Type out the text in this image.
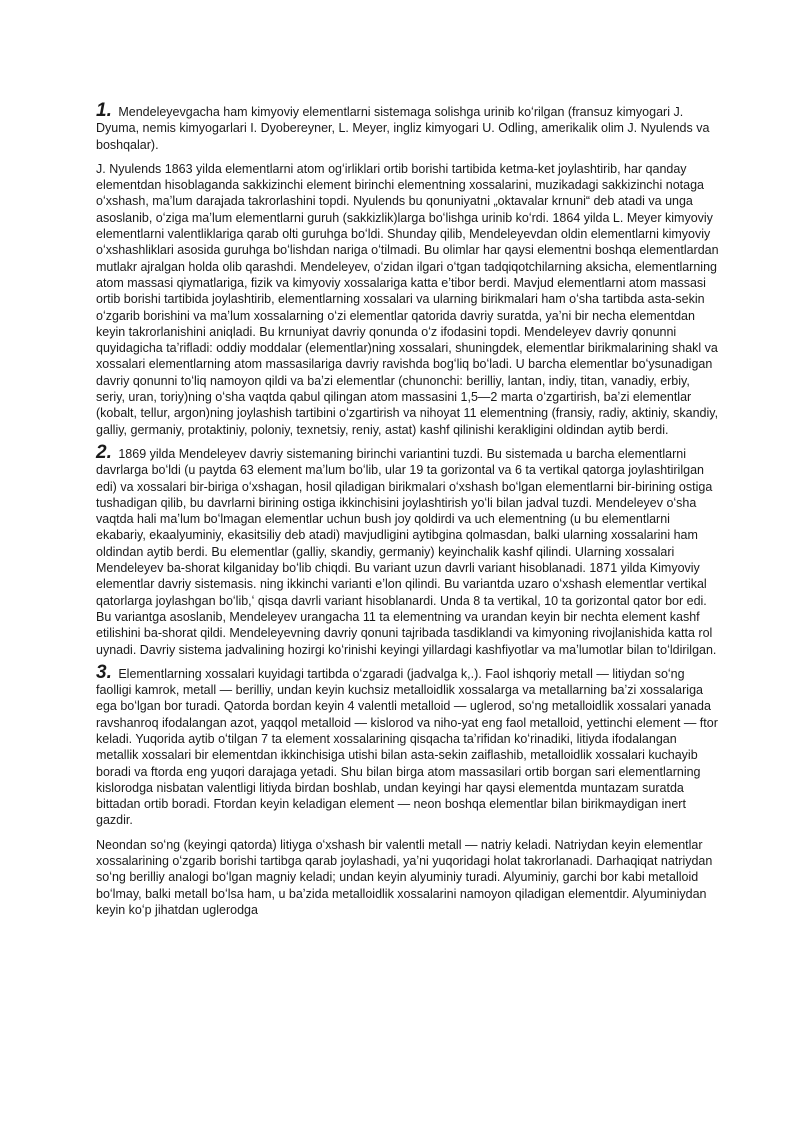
1. Mendeleyevgacha ham kimyoviy elementlarni sistemaga solishga urinib koʻrilgan (fransuz kimyogari J. Dyuma, nemis kimyogarlari I. Dyobereyner, L. Meyer, ingliz kimyogari U. Odling, amerikalik olim J. Nyulends va boshqalar).

J. Nyulends 1863 yilda elementlarni atom ogʻirliklari ortib borishi tartibida ketma-ket joylashtirib, har qanday elementdan hisoblaganda sakkizinchi element birinchi elementning xossalarini, muzikadagi sakkizinchi notaga oʻxshash, maʼlum darajada takrorlashini topdi. Nyulends bu qonuniyatni „oktavalar krnuni“ deb atadi va unga asoslanib, oʻziga maʼlum elementlarni guruh (sakkizlik)larga boʻlishga urinib koʻrdi. 1864 yilda L. Meyer kimyoviy elementlarni valentliklariga qarab olti guruhga boʻldi. Shunday qilib, Mendeleyevdan oldin elementlarni kimyoviy oʻxshashliklari asosida guruhga boʻlishdan nariga oʻtilmadi. Bu olimlar har qaysi elementni boshqa elementlardan mutlakr ajralgan holda olib qarashdi. Mendeleyev, oʻzidan ilgari oʻtgan tadqiqotchilarning aksicha, elementlarning atom massasi qiymatlariga, fizik va kimyoviy xossalariga katta eʼtibor berdi. Mavjud elementlarni atom massasi ortib borishi tartibida joylashtirib, elementlarning xossalari va ularning birikmalari ham oʻsha tartibda asta-sekin oʻzgarib borishini va maʼlum xossalarning oʻzi elementlar qatorida davriy suratda, yaʼni bir necha elementdan keyin takrorlanishini aniqladi. Bu krnuniyat davriy qonunda oʻz ifodasini topdi. Mendeleyev davriy qonunni quyidagicha taʼrifladi: oddiy moddalar (elementlar)ning xossalari, shuningdek, elementlar birikmalarining shakl va xossalari elementlarning atom massasilariga davriy ravishda bogʻliq boʻladi. U barcha elementlar boʻysunadigan davriy qonunni toʻliq namoyon qildi va baʼzi elementlar (chunonchi: berilliy, lantan, indiy, titan, vanadiy, erbiy, seriy, uran, toriy)ning oʻsha vaqtda qabul qilingan atom massasini 1,5—2 marta oʻzgartirish, baʼzi elementlar (kobalt, tellur, argon)ning joylashish tartibini oʻzgartirish va nihoyat 11 elementning (fransiy, radiy, aktiniy, skandiy, galliy, germaniy, protaktiniy, poloniy, texnetsiy, reniy, astat) kashf qilinishi kerakligini oldindan aytib berdi.

2. 1869 yilda Mendeleyev davriy sistemaning birinchi variantini tuzdi. Bu sistemada u barcha elementlarni davrlarga boʻldi (u paytda 63 element maʼlum boʻlib, ular 19 ta gorizontal va 6 ta vertikal qatorga joylashtirilgan edi) va xossalari bir-biriga oʻxshagan, hosil qiladigan birikmalari oʻxshash boʻlgan elementlarni bir-birining ostiga tushadigan qilib, bu davrlarni birining ostiga ikkinchisini joylashtirish yoʻli bilan jadval tuzdi. Mendeleyev oʻsha vaqtda hali maʼlum boʻlmagan elementlar uchun bush joy qoldirdi va uch elementning (u bu elementlarni ekabariy, ekaalyuminiy, ekasitsiliy deb atadi) mavjudligini aytibgina qolmasdan, balki ularning xossalarini ham oldindan aytib berdi. Bu elementlar (galliy, skandiy, germaniy) keyinchalik kashf qilindi. Ularning xossalari Mendeleyev ba-shorat kilganiday boʻlib chiqdi. Bu variant uzun davrli variant hisoblanadi. 1871 yilda Kimyoviy elementlar davriy sistemasis. ning ikkinchi varianti eʼlon qilindi. Bu variantda uzaro oʻxshash elementlar vertikal qatorlarga joylashgan boʻlib,ʻ qisqa davrli variant hisoblanardi. Unda 8 ta vertikal, 10 ta gorizontal qator bor edi. Bu variantga asoslanib, Mendeleyev urangacha 11 ta elementning va urandan keyin bir nechta element kashf etilishini ba-shorat qildi. Mendeleyevning davriy qonuni tajribada tasdiklandi va kimyoning rivojlanishida katta rol uynadi. Davriy sistema jadvalining hozirgi koʻrinishi keyingi yillardagi kashfiyotlar va maʼlumotlar bilan toʻldirilgan.

3. Elementlarning xossalari kuyidagi tartibda oʻzgaradi (jadvalga k,.). Faol ishqoriy metall — litiydan soʻng faolligi kamrok, metall — berilliy, undan keyin kuchsiz metalloidlik xossalarga va metallarning baʼzi xossalariga ega boʻlgan bor turadi. Qatorda bordan keyin 4 valentli metalloid — uglerod, soʻng metalloidlik xossalari yanada ravshanroq ifodalangan azot, yaqqol metalloid — kislorod va niho-yat eng faol metalloid, yettinchi element — ftor keladi. Yuqorida aytib oʻtilgan 7 ta element xossalarining qisqacha taʼrifidan koʻrinadiki, litiyda ifodalangan metallik xossalari bir elementdan ikkinchisiga utishi bilan asta-sekin zaiflashib, metalloidlik xossalari kuchayib boradi va ftorda eng yuqori darajaga yetadi. Shu bilan birga atom massasilari ortib borgan sari elementlarning kislorodga nisbatan valentligi litiyda birdan boshlab, undan keyingi har qaysi elementda muntazam suratda bittadan ortib boradi. Ftordan keyin keladigan element — neon boshqa elementlar bilan birikmaydigan inert gazdir.

Neondan soʻng (keyingi qatorda) litiyga oʻxshash bir valentli metall — natriy keladi. Natriydan keyin elementlar xossalarining oʻzgarib borishi tartibga qarab joylashadi, yaʼni yuqoridagi holat takrorlanadi. Darhaqiqat natriydan soʻng berilliy analogi boʻlgan magniy keladi; undan keyin alyuminiy turadi. Alyuminiy, garchi bor kabi metalloid boʻlmay, balki metall boʻlsa ham, u baʼzida metalloidlik xossalarini namoyon qiladigan elementdir. Alyuminiydan keyin koʻp jihatdan uglerodga
